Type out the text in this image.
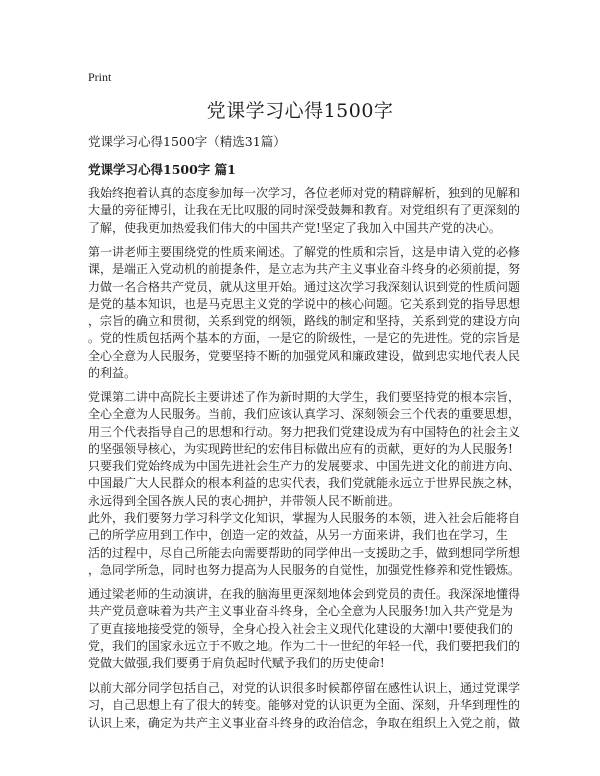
Print
党课学习心得1500字
党课学习心得1500字（精选31篇）
党课学习心得1500字 篇1
我始终抱着认真的态度参加每一次学习，各位老师对党的精辟解析，独到的见解和
大量的旁征博引，让我在无比叹服的同时深受鼓舞和教育。对党组织有了更深刻的
了解，使我更加热爱我们伟大的中国共产党!坚定了我加入中国共产党的决心。
第一讲老师主要围绕党的性质来阐述。了解党的性质和宗旨，这是申请入党的必修
课，是端正入党动机的前提条件，是立志为共产主义事业奋斗终身的必须前提，努
力做一名合格共产党员，就从这里开始。通过这次学习我深刻认识到党的性质问题
是党的基本知识，也是马克思主义党的学说中的核心问题。它关系到党的指导思想
，宗旨的确立和贯彻，关系到党的纲领，路线的制定和坚持，关系到党的建设方向
。党的性质包括两个基本的方面，一是它的阶级性，一是它的先进性。党的宗旨是
全心全意为人民服务，党要坚持不断的加强党风和廉政建设，做到忠实地代表人民
的利益。
党课第二讲中高院长主要讲述了作为新时期的大学生，我们要坚持党的根本宗旨，
全心全意为人民服务。当前，我们应该认真学习、深刻领会三个代表的重要思想，
用三个代表指导自己的思想和行动。努力把我们党建设成为有中国特色的社会主义
的坚强领导核心，为实现跨世纪的宏伟目标做出应有的贡献，更好的为人民服务!
只要我们党始终成为中国先进社会生产力的发展要求、中国先进文化的前进方向、
中国最广大人民群众的根本利益的忠实代表，我们党就能永远立于世界民族之林，
永远得到全国各族人民的衷心拥护，并带领人民不断前进。
此外，我们要努力学习科学文化知识，掌握为人民服务的本领，进入社会后能将自
己的所学应用到工作中，创造一定的效益，从另一方面来讲，我们也在学习，生
活的过程中，尽自己所能去向需要帮助的同学伸出一支援助之手，做到想同学所想
，急同学所急，同时也努力提高为人民服务的自觉性，加强党性修养和党性锻炼。
通过梁老师的生动演讲，在我的脑海里更深刻地体会到党员的责任。我深深地懂得
共产党员意味着为共产主义事业奋斗终身，全心全意为人民服务!加入共产党是为
了更直接地接受党的领导，全身心投入社会主义现代化建设的大潮中!要使我们的
党，我们的国家永远立于不败之地。作为二十一世纪的年轻一代，我们要把我们的
党做大做强,我们要勇于肩负起时代赋予我们的历史使命!
以前大部分同学包括自己，对党的认识很多时候都停留在感性认识上，通过党课学
习，自己思想上有了很大的转变。能够对党的认识更为全面、深刻，升华到理性的
认识上来，确定为共产主义事业奋斗终身的政治信念，争取在组织上入党之前，做
